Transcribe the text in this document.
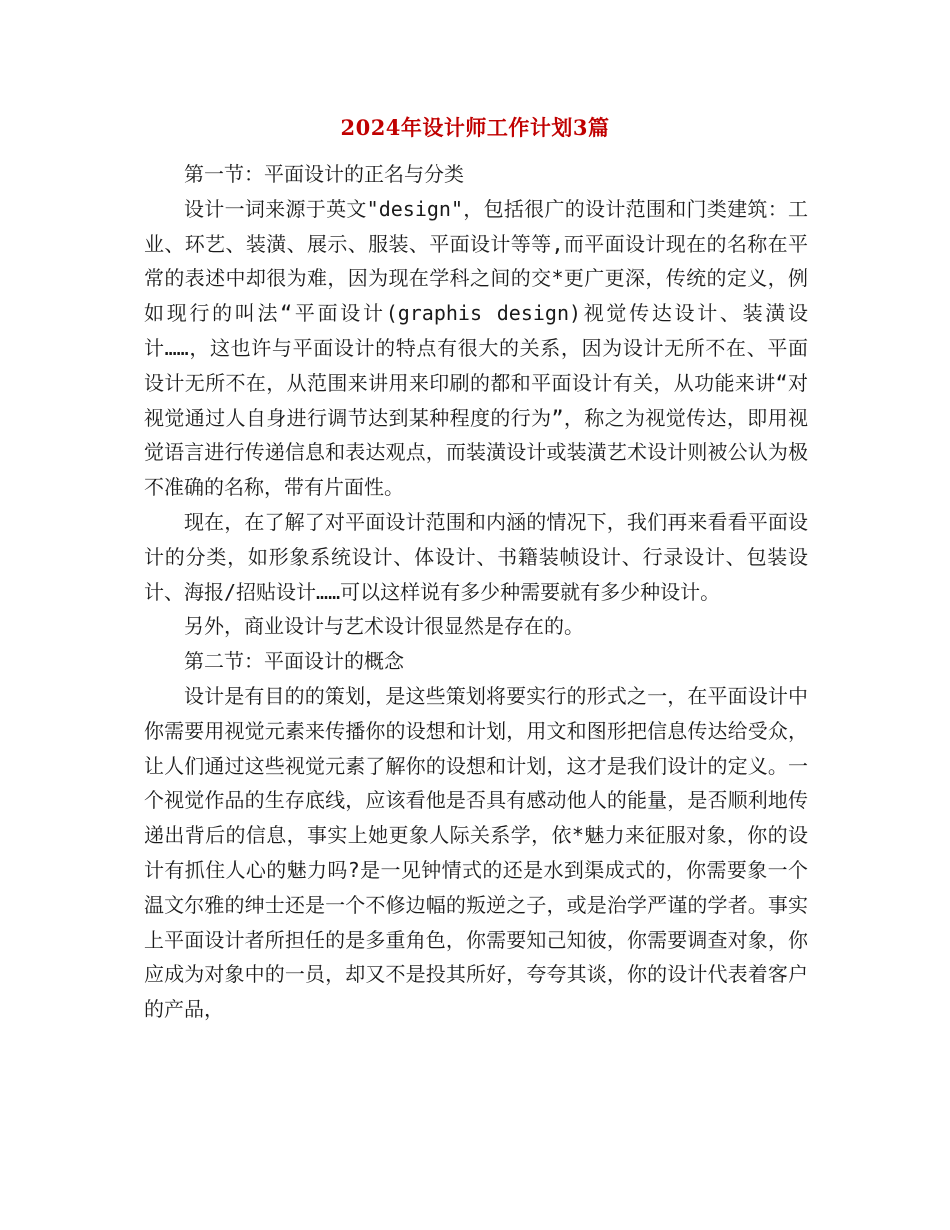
2024年设计师工作计划3篇

第一节：平面设计的正名与分类

设计一词来源于英文"design"，包括很广的设计范围和门类建筑：工业、环艺、装潢、展示、服装、平面设计等等,而平面设计现在的名称在平常的表述中却很为难，因为现在学科之间的交*更广更深，传统的定义，例如现行的叫法“平面设计(graphis design)视觉传达设计、装潢设计……，这也许与平面设计的特点有很大的关系，因为设计无所不在、平面设计无所不在，从范围来讲用来印刷的都和平面设计有关，从功能来讲“对视觉通过人自身进行调节达到某种程度的行为”，称之为视觉传达，即用视觉语言进行传递信息和表达观点，而装潢设计或装潢艺术设计则被公认为极不准确的名称，带有片面性。

现在，在了解了对平面设计范围和内涵的情况下，我们再来看看平面设计的分类，如形象系统设计、体设计、书籍装帧设计、行录设计、包装设计、海报/招贴设计……可以这样说有多少种需要就有多少种设计。

另外，商业设计与艺术设计很显然是存在的。

第二节：平面设计的概念

设计是有目的的策划，是这些策划将要实行的形式之一，在平面设计中你需要用视觉元素来传播你的设想和计划，用文和图形把信息传达给受众，让人们通过这些视觉元素了解你的设想和计划，这才是我们设计的定义。一个视觉作品的生存底线，应该看他是否具有感动他人的能量，是否顺利地传递出背后的信息，事实上她更象人际关系学，依*魅力来征服对象，你的设计有抓住人心的魅力吗?是一见钟情式的还是水到渠成式的，你需要象一个温文尔雅的绅士还是一个不修边幅的叛逆之子，或是治学严谨的学者。事实上平面设计者所担任的是多重角色，你需要知己知彼，你需要调查对象，你应成为对象中的一员，却又不是投其所好，夸夸其谈，你的设计代表着客户的产品，
